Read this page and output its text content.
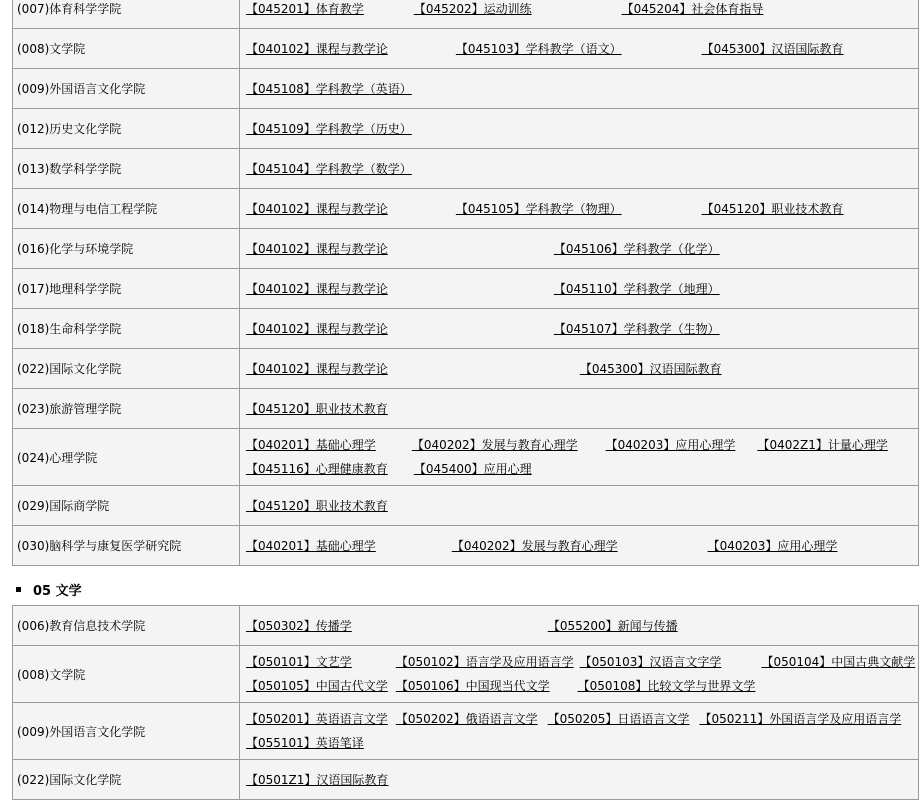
(007)体育科学学院	【045201】体育教学 【045202】运动训练 【045204】社会体育指导

(008)文学院	【040102】课程与教学论 【045103】学科教学（语文） 【045300】汉语国际教育

(009)外国语言文化学院	【045108】学科教学（英语）

(012)历史文化学院	【045109】学科教学（历史）

(013)数学科学学院	【045104】学科教学（数学）

(014)物理与电信工程学院	【040102】课程与教学论 【045105】学科教学（物理） 【045120】职业技术教育

(016)化学与环境学院	【040102】课程与教学论 【045106】学科教学（化学）

(017)地理科学学院	【040102】课程与教学论 【045110】学科教学（地理）

(018)生命科学学院	【040102】课程与教学论 【045107】学科教学（生物）

(022)国际文化学院	【040102】课程与教学论 【045300】汉语国际教育

(023)旅游管理学院	【045120】职业技术教育

(024)心理学院	【040201】基础心理学 【040202】发展与教育心理学 【040203】应用心理学 【0402Z1】计量心理学
【045116】心理健康教育 【045400】应用心理

(029)国际商学院	【045120】职业技术教育

(030)脑科学与康复医学研究院	【040201】基础心理学 【040202】发展与教育心理学 【040203】应用心理学
05 文学
(006)教育信息技术学院	【050302】传播学 【055200】新闻与传播

(008)文学院	【050101】文艺学 【050102】语言学及应用语言学 【050103】汉语言文字学 【050104】中国古典文献学
【050105】中国古代文学 【050106】中国现当代文学 【050108】比较文学与世界文学

(009)外国语言文化学院	【050201】英语语言文学 【050202】俄语语言文学 【050205】日语语言文学 【050211】外国语言学及应用语言学
【055101】英语笔译

(022)国际文化学院	【0501Z1】汉语国际教育
